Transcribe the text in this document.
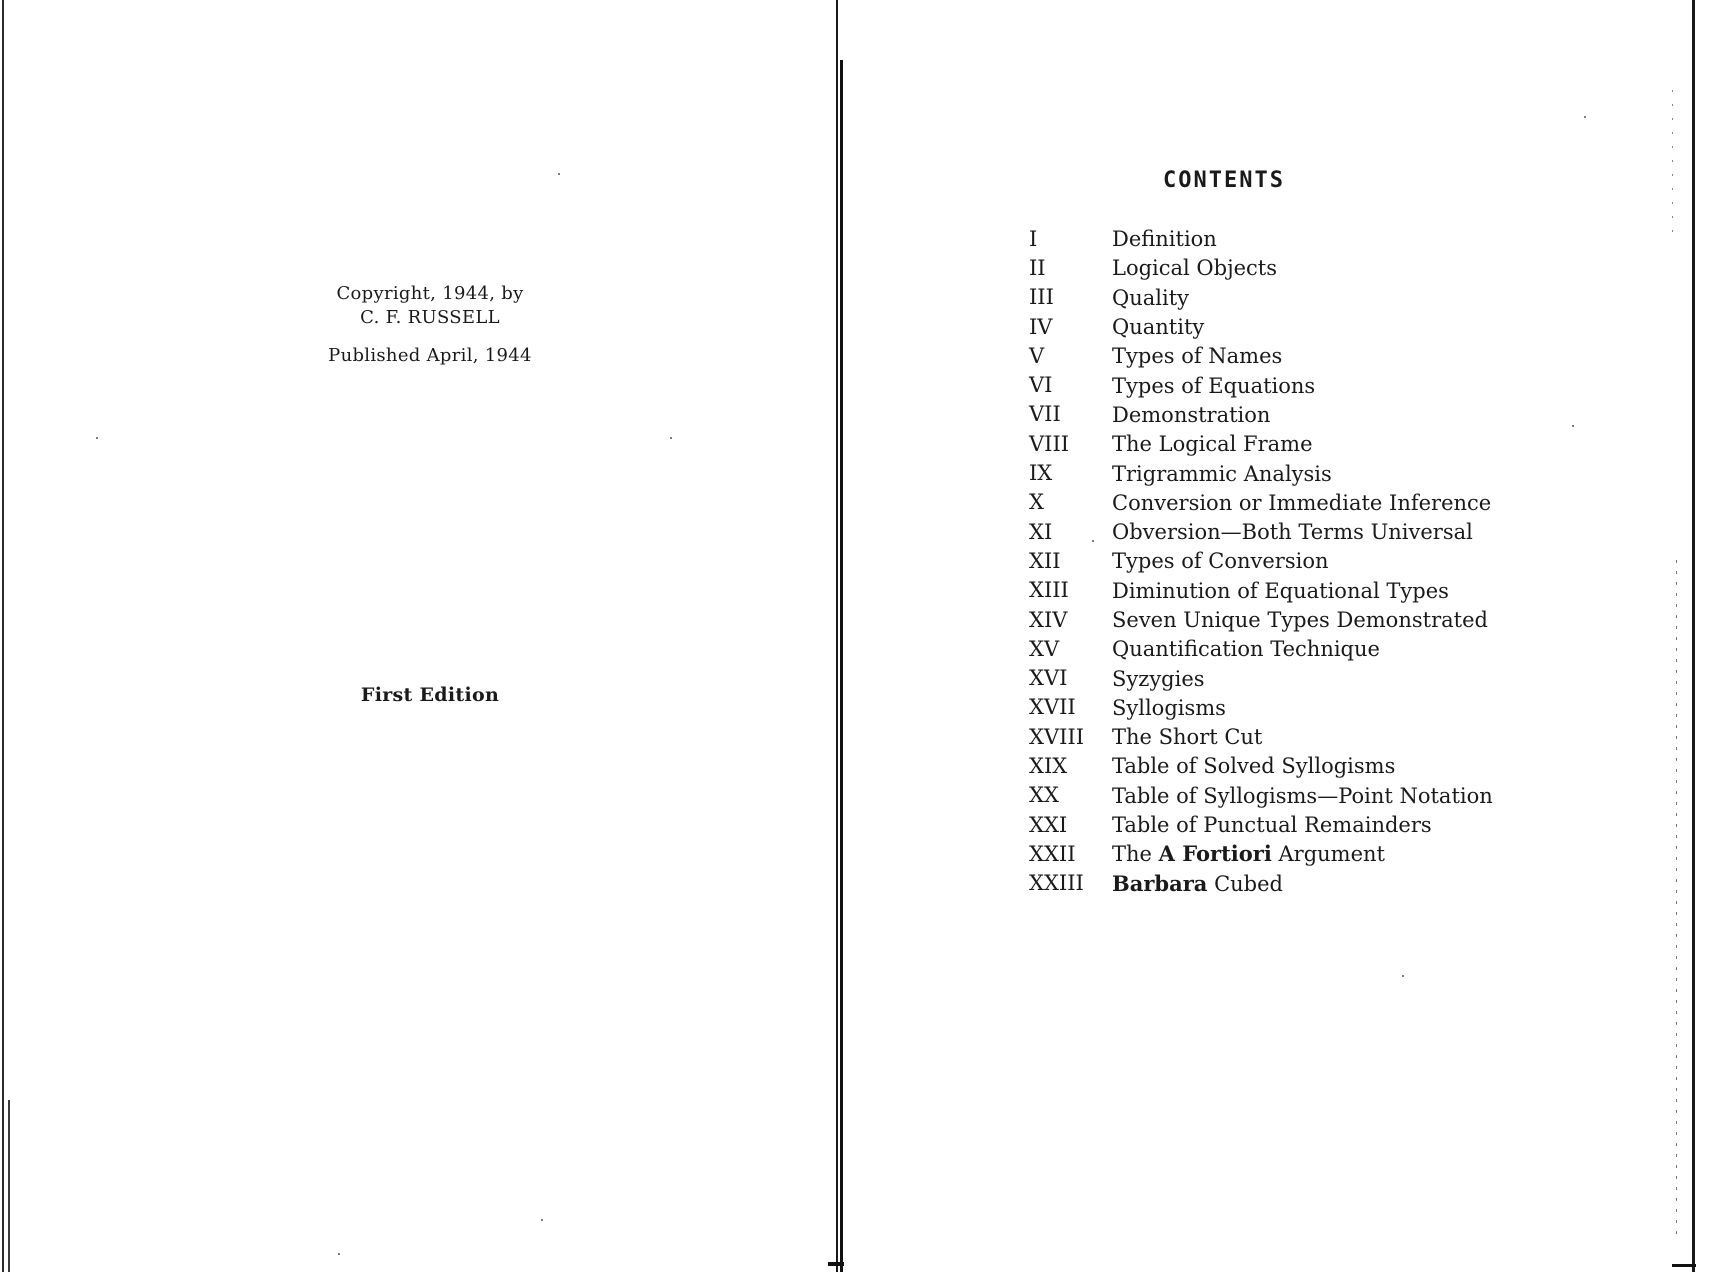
Copyright, 1944, by
C. F. RUSSELL
Published April, 1944
First Edition
CONTENTS
I	Definition
II	Logical Objects
III	Quality
IV	Quantity
V	Types of Names
VI	Types of Equations
VII	Demonstration
VIII	The Logical Frame
IX	Trigrammic Analysis
X	Conversion or Immediate Inference
XI	Obversion—Both Terms Universal
XII	Types of Conversion
XIII	Diminution of Equational Types
XIV	Seven Unique Types Demonstrated
XV	Quantification Technique
XVI	Syzygies
XVII	Syllogisms
XVIII	The Short Cut
XIX	Table of Solved Syllogisms
XX	Table of Syllogisms—Point Notation
XXI	Table of Punctual Remainders
XXII	The A Fortiori Argument
XXIII	Barbara Cubed
